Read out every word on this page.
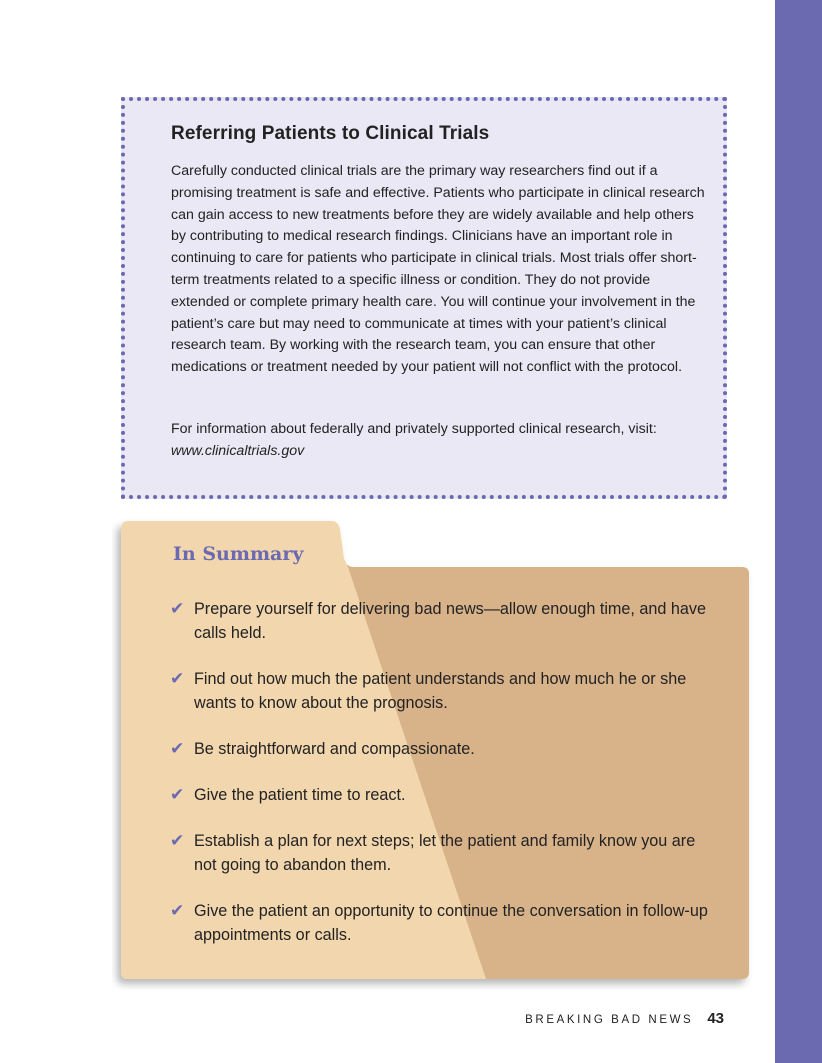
Referring Patients to Clinical Trials

Carefully conducted clinical trials are the primary way researchers find out if a promising treatment is safe and effective. Patients who participate in clinical research can gain access to new treatments before they are widely available and help others by contributing to medical research findings. Clinicians have an important role in continuing to care for patients who participate in clinical trials. Most trials offer short-term treatments related to a specific illness or condition. They do not provide extended or complete primary health care. You will continue your involvement in the patient’s care but may need to communicate at times with your patient’s clinical research team. By working with the research team, you can ensure that other medications or treatment needed by your patient will not conflict with the protocol.

For information about federally and privately supported clinical research, visit:
www.clinicaltrials.gov

In Summary
✔ Prepare yourself for delivering bad news—allow enough time, and have calls held.
✔ Find out how much the patient understands and how much he or she wants to know about the prognosis.
✔ Be straightforward and compassionate.
✔ Give the patient time to react.
✔ Establish a plan for next steps; let the patient and family know you are not going to abandon them.
✔ Give the patient an opportunity to continue the conversation in follow-up appointments or calls.
BREAKING BAD NEWS 43
